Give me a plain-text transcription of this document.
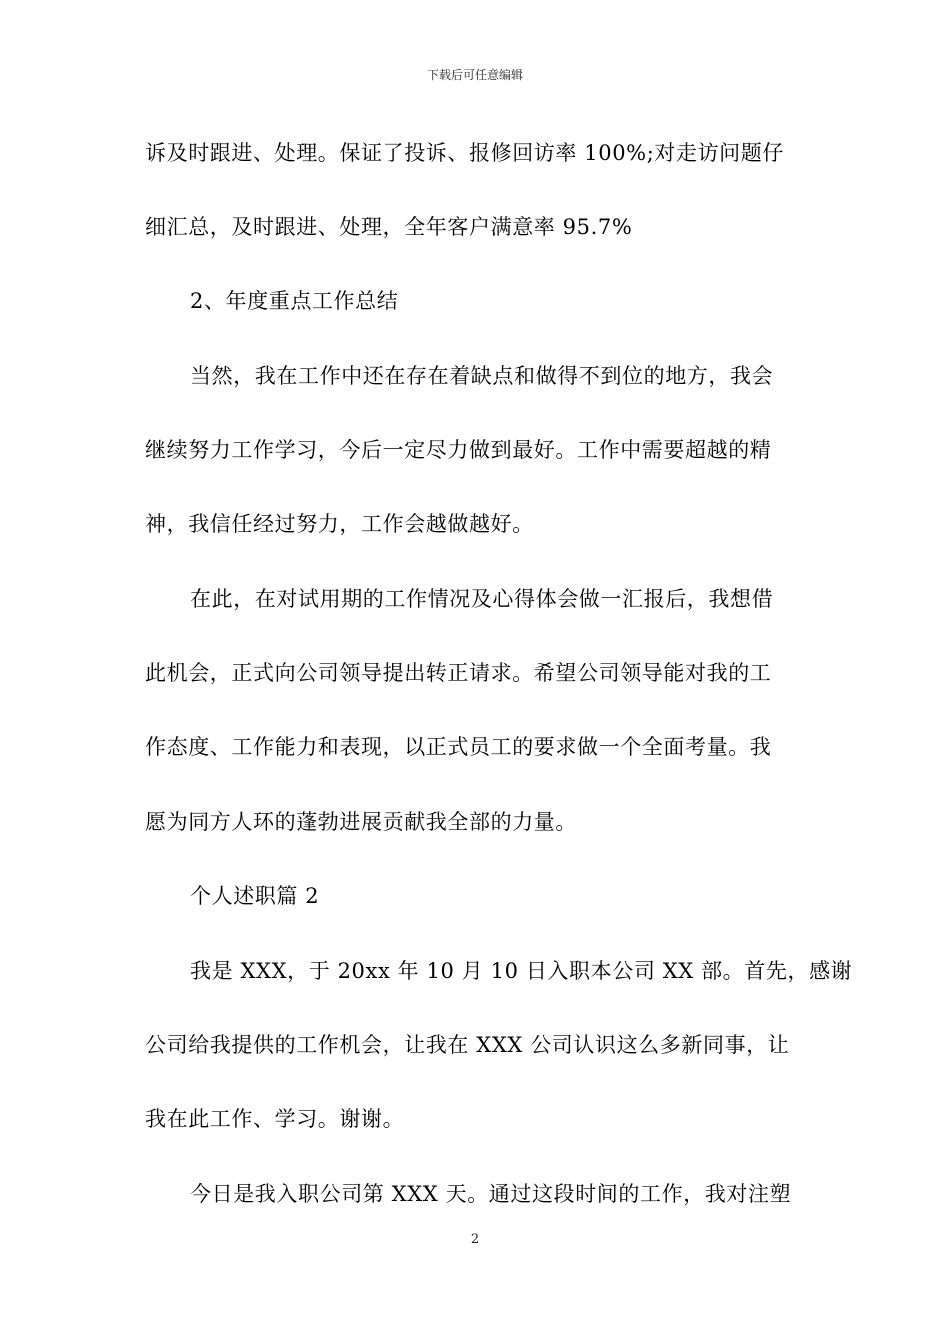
下载后可任意编辑
诉及时跟进、处理。保证了投诉、报修回访率 100%;对走访问题仔
细汇总，及时跟进、处理，全年客户满意率 95.7%
2、年度重点工作总结
当然，我在工作中还在存在着缺点和做得不到位的地方，我会
继续努力工作学习，今后一定尽力做到最好。工作中需要超越的精
神，我信任经过努力，工作会越做越好。
在此，在对试用期的工作情况及心得体会做一汇报后，我想借
此机会，正式向公司领导提出转正请求。希望公司领导能对我的工
作态度、工作能力和表现，以正式员工的要求做一个全面考量。我
愿为同方人环的蓬勃进展贡献我全部的力量。
个人述职篇 2
我是 XXX，于 20xx 年 10 月 10 日入职本公司 XX 部。首先，感谢
公司给我提供的工作机会，让我在 XXX 公司认识这么多新同事，让
我在此工作、学习。谢谢。
今日是我入职公司第 XXX 天。通过这段时间的工作，我对注塑
2
